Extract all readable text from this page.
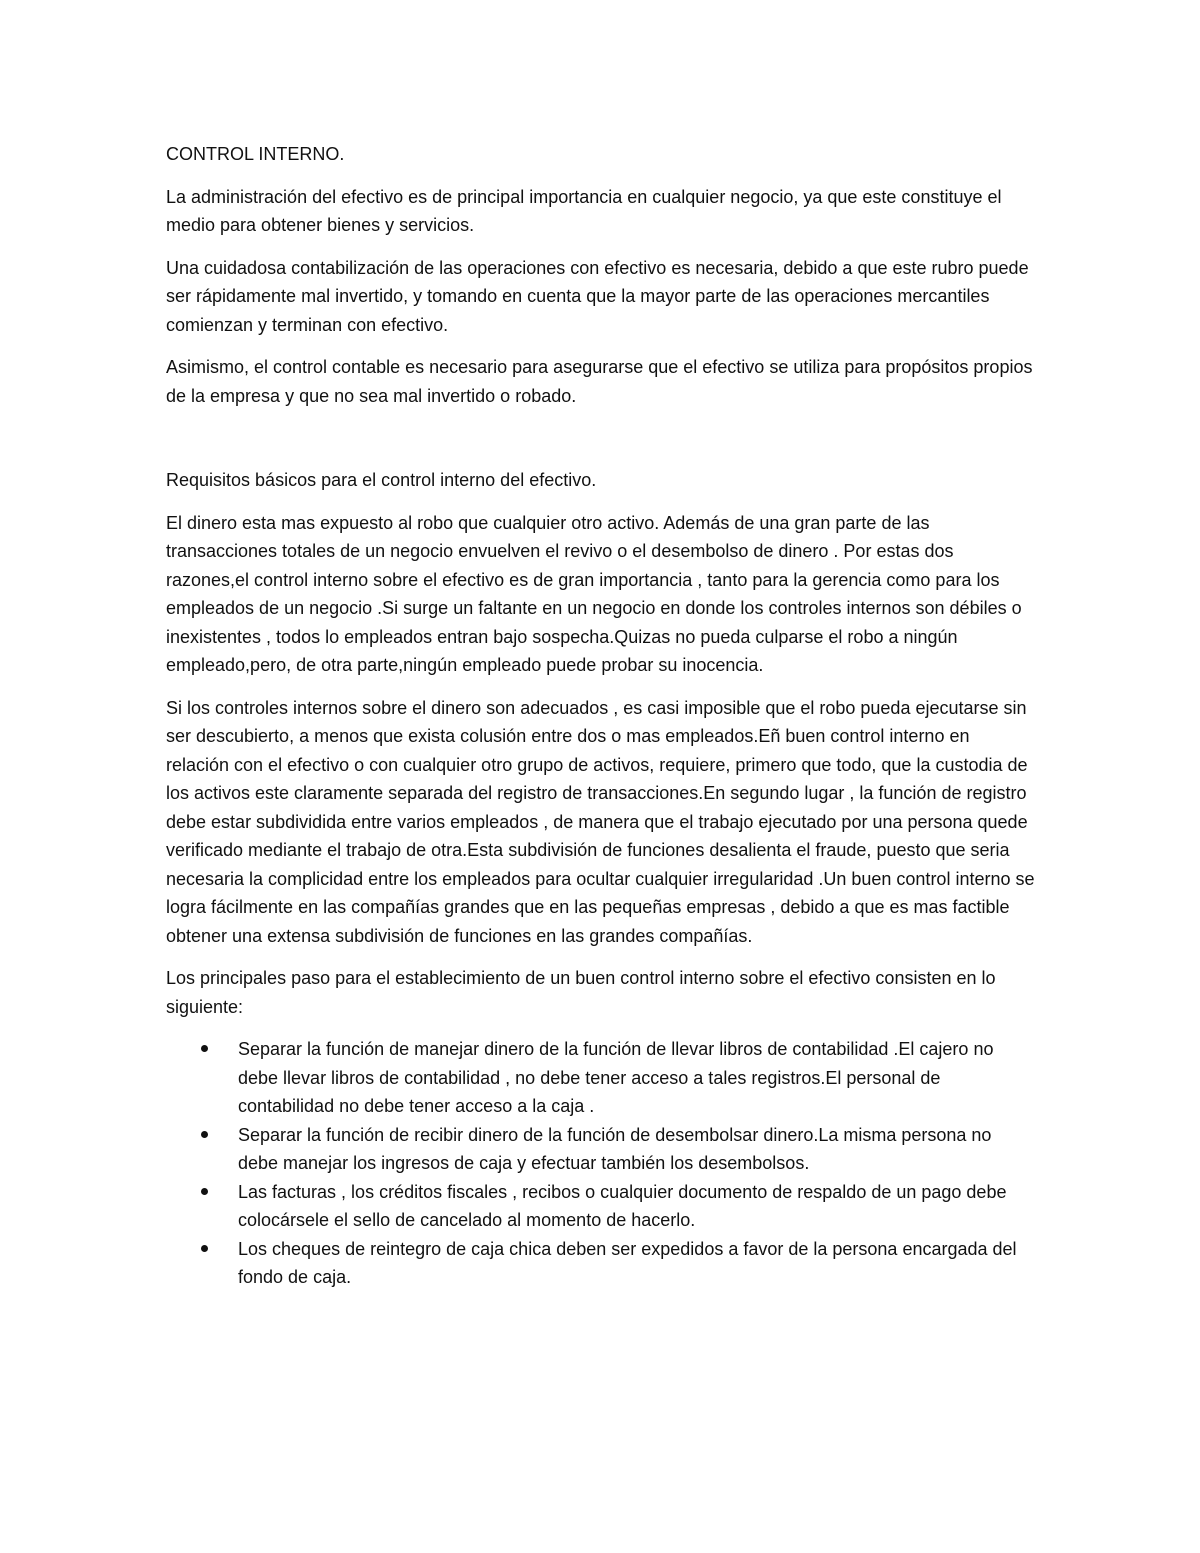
CONTROL INTERNO.

La administración del efectivo es de principal importancia en cualquier negocio, ya que este constituye el medio para obtener bienes y servicios.

Una cuidadosa contabilización de las operaciones con efectivo es necesaria, debido a que este rubro puede ser rápidamente mal invertido, y tomando en cuenta que la mayor parte de las operaciones mercantiles comienzan y terminan con efectivo.

Asimismo, el control contable es necesario para asegurarse que el efectivo se utiliza para propósitos propios de la empresa y que no sea mal invertido o robado.

Requisitos básicos para el control interno del efectivo.

El dinero esta mas expuesto al robo que cualquier otro activo. Además de una gran parte de las transacciones totales de un negocio envuelven el revivo o el desembolso de dinero . Por estas dos razones,el control interno sobre el efectivo es de gran importancia , tanto para la gerencia como para los empleados de un negocio .Si surge un faltante en un negocio en donde los controles internos son débiles o inexistentes , todos lo empleados entran bajo sospecha.Quizas no pueda culparse el robo a ningún empleado,pero, de otra parte,ningún empleado puede probar su inocencia.

Si los controles internos sobre el dinero son adecuados , es casi imposible que el robo pueda ejecutarse sin ser descubierto, a menos que exista colusión entre dos o mas empleados.Eñ buen control interno en relación con el efectivo o con cualquier otro grupo de activos, requiere, primero que todo, que la custodia de los activos este claramente separada del registro de transacciones.En segundo lugar , la función de registro debe estar subdividida entre varios empleados , de manera que el trabajo ejecutado por una persona quede verificado mediante el trabajo de otra.Esta subdivisión de funciones desalienta el fraude, puesto que seria necesaria la complicidad entre los empleados para ocultar cualquier irregularidad .Un buen control interno se logra fácilmente en las compañías grandes que en las pequeñas empresas , debido a que es mas factible obtener una extensa subdivisión de funciones en las grandes compañías.

Los principales paso para el establecimiento de un buen control interno sobre el efectivo consisten en lo siguiente:

Separar la función de manejar dinero de la función de llevar libros de contabilidad .El cajero no debe llevar libros de contabilidad , no debe tener acceso a tales registros.El personal de contabilidad no debe tener acceso a la caja .
Separar la función de recibir dinero de la función de desembolsar dinero.La misma persona no debe manejar los ingresos de caja y efectuar también los desembolsos.
Las facturas , los créditos fiscales , recibos o cualquier documento de respaldo de un pago debe colocársele el sello de cancelado al momento de hacerlo.
Los cheques de reintegro de caja chica deben ser expedidos a favor de la persona encargada del fondo de caja.
